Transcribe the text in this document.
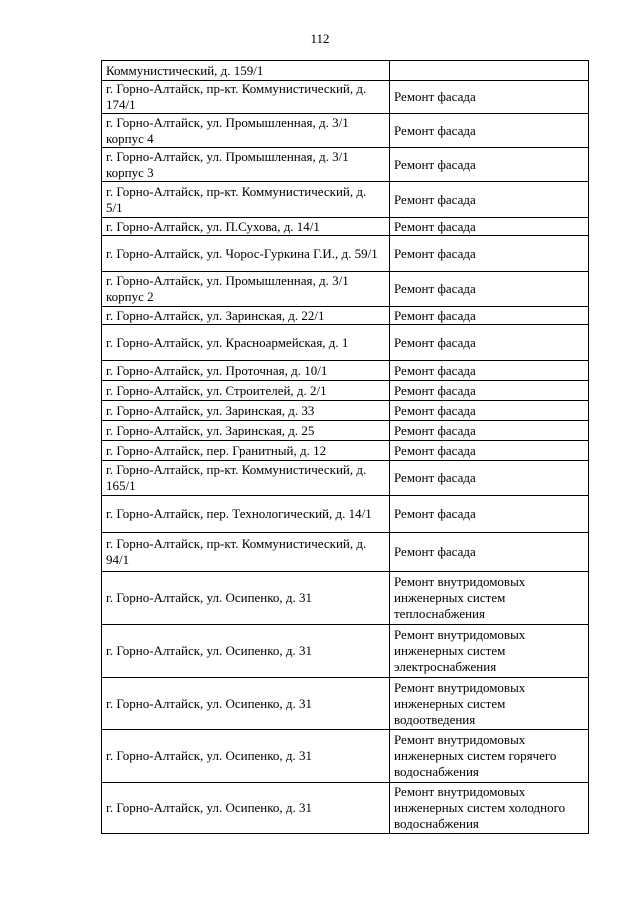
112
Коммунистический, д. 159/1	
г. Горно-Алтайск, пр-кт. Коммунистический, д. 174/1	Ремонт фасада
г. Горно-Алтайск, ул. Промышленная, д. 3/1 корпус 4	Ремонт фасада
г. Горно-Алтайск, ул. Промышленная, д. 3/1 корпус 3	Ремонт фасада
г. Горно-Алтайск, пр-кт. Коммунистический, д. 5/1	Ремонт фасада
г. Горно-Алтайск, ул. П.Сухова, д. 14/1	Ремонт фасада
г. Горно-Алтайск, ул. Чорос-Гуркина Г.И., д. 59/1	Ремонт фасада
г. Горно-Алтайск, ул. Промышленная, д. 3/1 корпус 2	Ремонт фасада
г. Горно-Алтайск, ул. Заринская, д. 22/1	Ремонт фасада
г. Горно-Алтайск, ул. Красноармейская, д. 1	Ремонт фасада
г. Горно-Алтайск, ул. Проточная, д. 10/1	Ремонт фасада
г. Горно-Алтайск, ул. Строителей, д. 2/1	Ремонт фасада
г. Горно-Алтайск, ул. Заринская, д. 33	Ремонт фасада
г. Горно-Алтайск, ул. Заринская, д. 25	Ремонт фасада
г. Горно-Алтайск, пер. Гранитный, д. 12	Ремонт фасада
г. Горно-Алтайск, пр-кт. Коммунистический, д. 165/1	Ремонт фасада
г. Горно-Алтайск, пер. Технологический, д. 14/1	Ремонт фасада
г. Горно-Алтайск, пр-кт. Коммунистический, д. 94/1	Ремонт фасада
г. Горно-Алтайск, ул. Осипенко, д. 31	Ремонт внутридомовых инженерных систем теплоснабжения
г. Горно-Алтайск, ул. Осипенко, д. 31	Ремонт внутридомовых инженерных систем электроснабжения
г. Горно-Алтайск, ул. Осипенко, д. 31	Ремонт внутридомовых инженерных систем водоотведения
г. Горно-Алтайск, ул. Осипенко, д. 31	Ремонт внутридомовых инженерных систем горячего водоснабжения
г. Горно-Алтайск, ул. Осипенко, д. 31	Ремонт внутридомовых инженерных систем холодного водоснабжения
